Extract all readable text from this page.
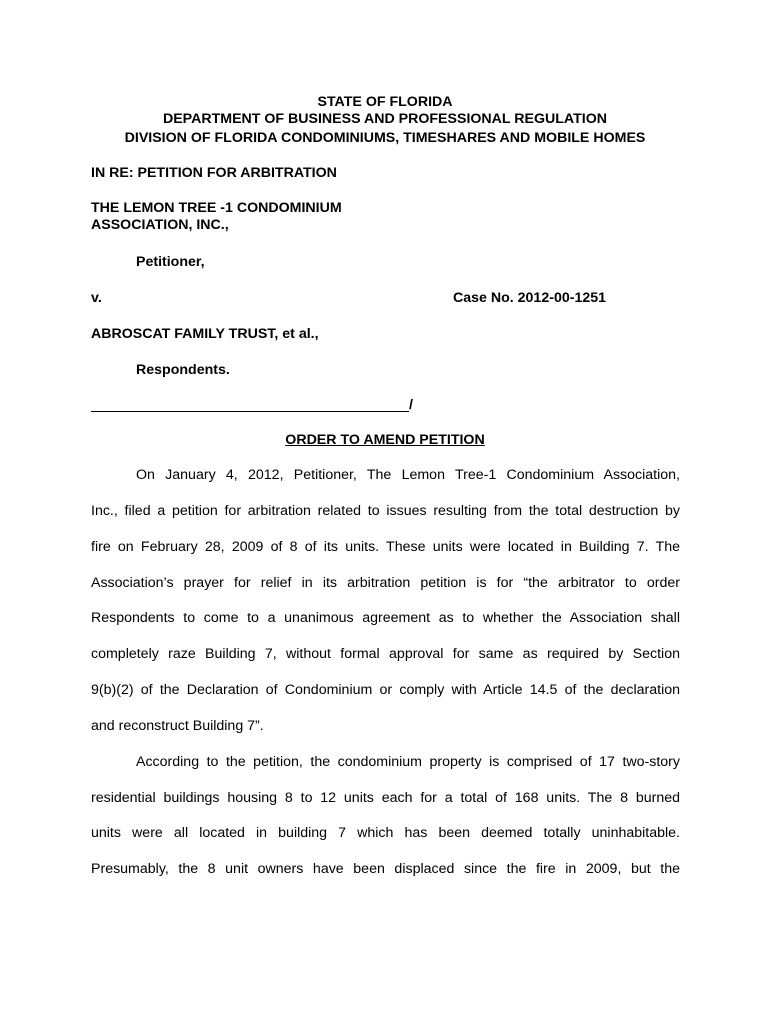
STATE OF FLORIDA
DEPARTMENT OF BUSINESS AND PROFESSIONAL REGULATION
DIVISION OF FLORIDA CONDOMINIUMS, TIMESHARES AND MOBILE HOMES
IN RE: PETITION FOR ARBITRATION
THE LEMON TREE -1 CONDOMINIUM
ASSOCIATION, INC.,
Petitioner,
v.	Case No. 2012-00-1251
ABROSCAT FAMILY TRUST, et al.,
Respondents.
/
ORDER TO AMEND PETITION
On January 4, 2012, Petitioner, The Lemon Tree-1 Condominium Association,
Inc., filed a petition for arbitration related to issues resulting from the total destruction by
fire on February 28, 2009 of 8 of its units. These units were located in Building 7. The
Association’s prayer for relief in its arbitration petition is for “the arbitrator to order
Respondents to come to a unanimous agreement as to whether the Association shall
completely raze Building 7, without formal approval for same as required by Section
9(b)(2) of the Declaration of Condominium or comply with Article 14.5 of the declaration
and reconstruct Building 7”.
According to the petition, the condominium property is comprised of 17 two-story
residential buildings housing 8 to 12 units each for a total of 168 units. The 8 burned
units were all located in building 7 which has been deemed totally uninhabitable.
Presumably, the 8 unit owners have been displaced since the fire in 2009, but the
